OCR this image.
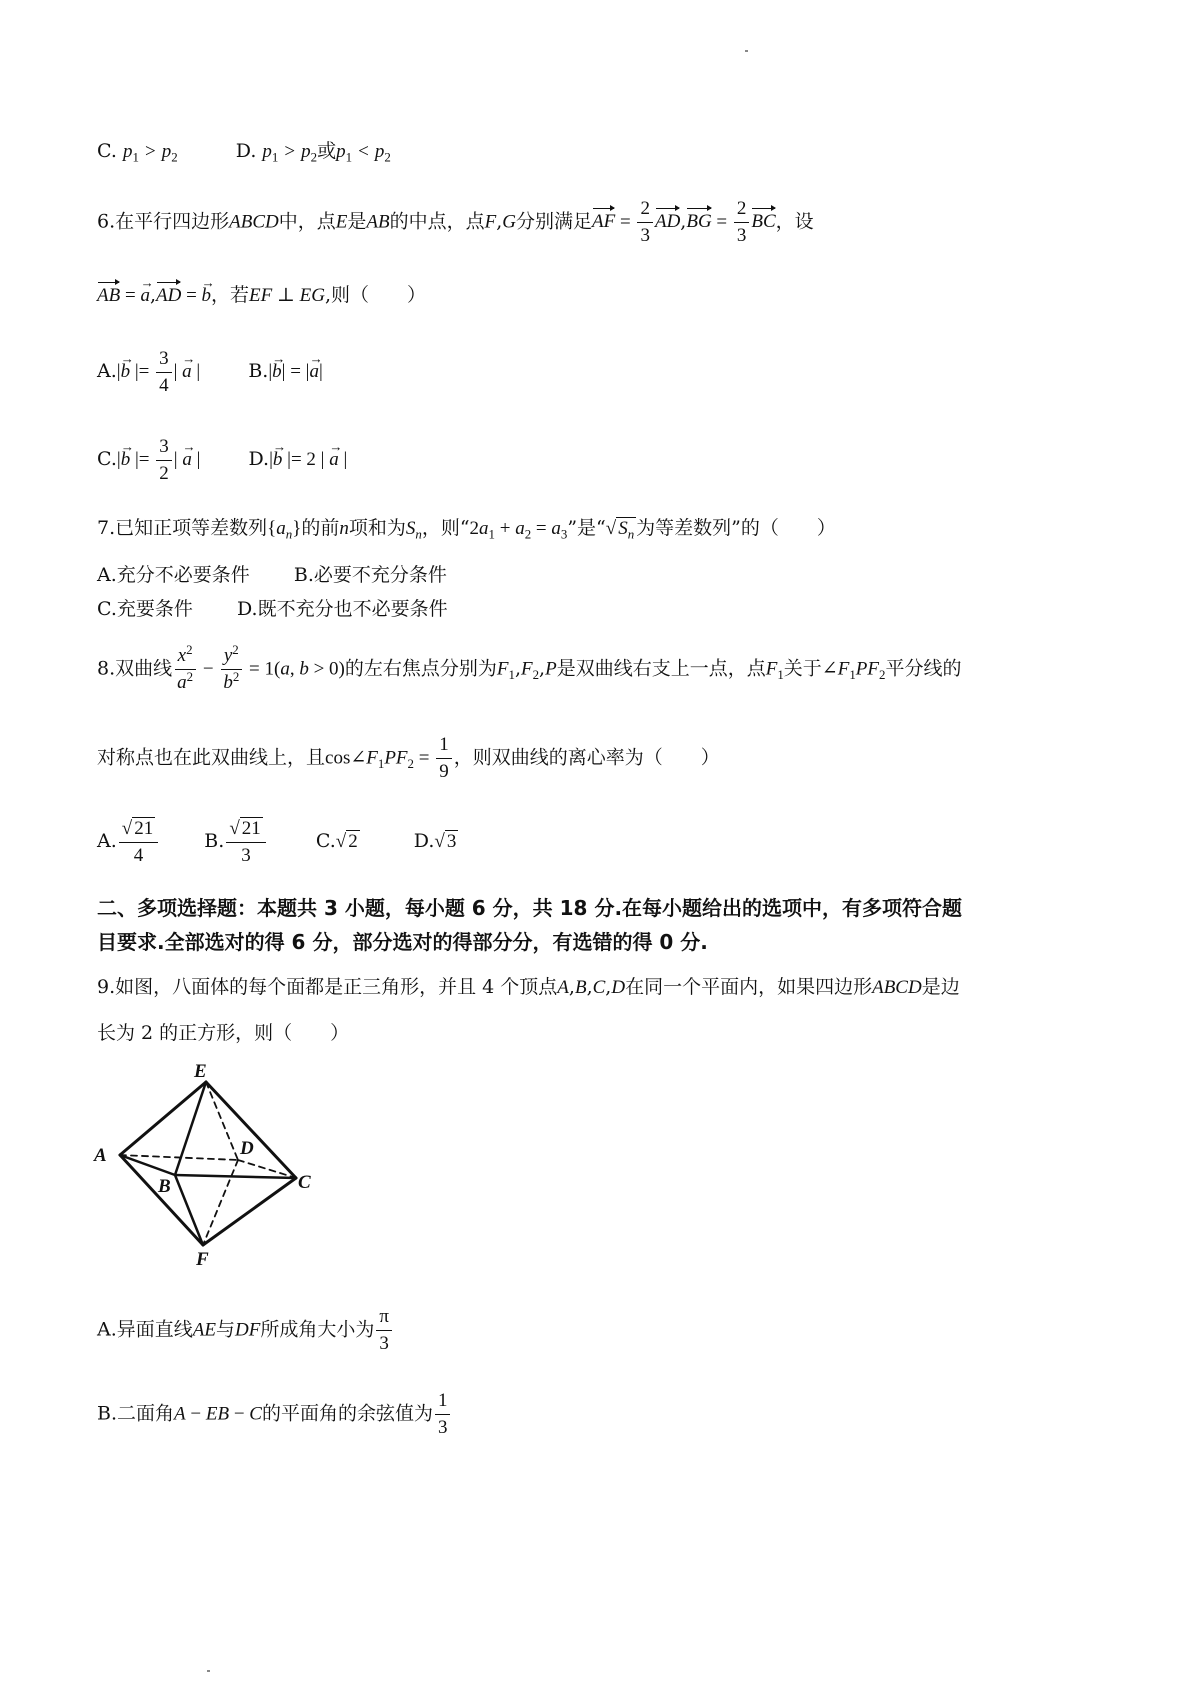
C. $p_1 > p_2$	D. $p_1 > p_2$或$p_1 < p_2$
6.在平行四边形ABCD中，点E是AB的中点，点F,G分别满足AF = $\frac{2}{3} AD,BG = \frac{2}{3}$ BC，设
AB = → a,AD = → b，若EF ⊥ EG,则（　　）
A.|→ b |= $\frac{3}{4}$ | → a |	B.|→ b| = |→ a|
C.|→ b |= $\frac{3}{2}$ | → a |	D.|→ b |= 2 | → a |
7.已知正项等差数列$\{a_n\}$的前n项和为$S_n$，则“$2a_1 + a_2 = a_3$”是“√ $S_n$ 为等差数列”的（　　）
A.充分不必要条件 B.必要不充分条件
C.充要条件 D.既不充分也不必要条件
8.双曲线 $\frac{x^2}{a^2} - \frac{y^2}{b^2} = 1(a$, b > 0)的左右焦点分别为$F_1,F_2,P$是双曲线右支上一点，点$F_1$关于$\angle F_1PF_2$平分线的
对称点也在此双曲线上，且$\cos\angle F_1PF_2 = \frac{1}{9}$ ，则双曲线的离心率为（　　）
A. $\frac{√ 21}{4} B$. $\frac{√ 21}{3}$	C.√ 2	D.√ 3
二、多项选择题：本题共 3 小题，每小题 6 分，共 18 分.在每小题给出的选项中，有多项符合题
目要求.全部选对的得 6 分，部分选对的得部分分，有选错的得 0 分.
9.如图，八面体的每个面都是正三角形，并且 4 个顶点A,B,C,D在同一个平面内，如果四边形ABCD是边
长为 2 的正方形，则（　　）
E
A	D
B	C
F
A.异面直线AE与DF所成角大小为 $\frac{\pi}{3}$
B.二面角A − EB − C的平面角的余弦值为 $\frac{1}{3}$
